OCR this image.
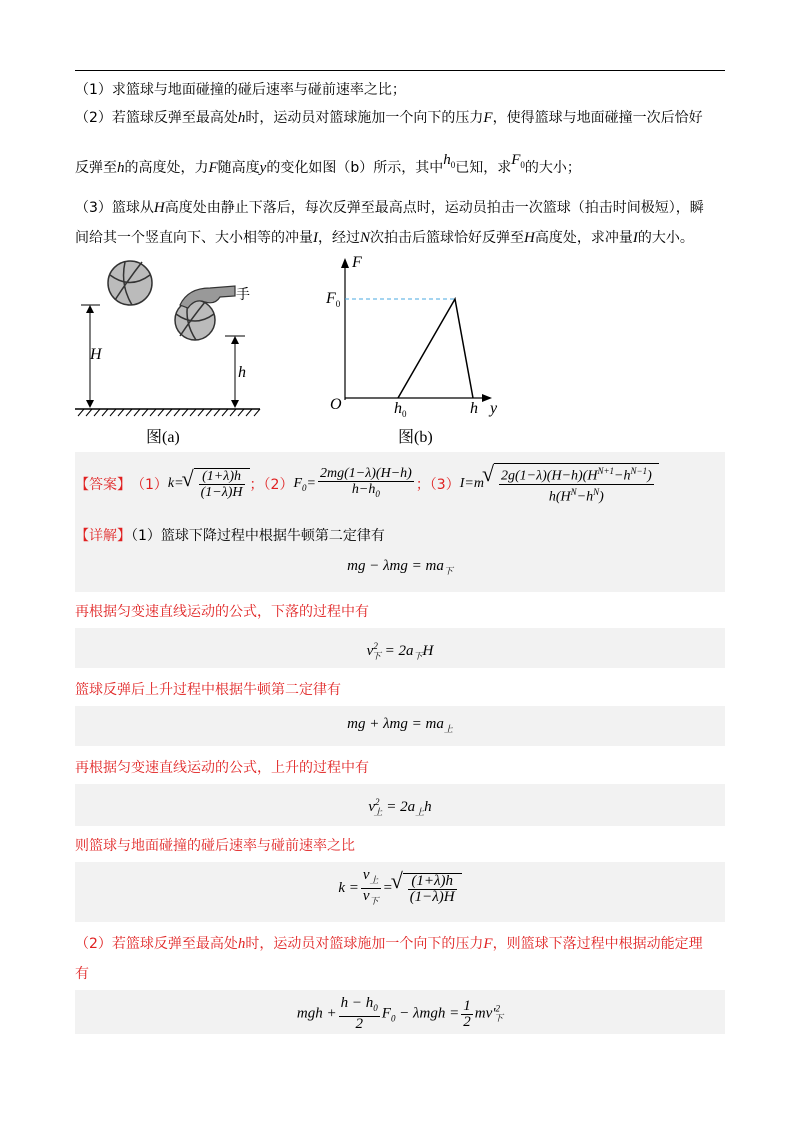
（1）求篮球与地面碰撞的碰后速率与碰前速率之比；
（2）若篮球反弹至最高处h时，运动员对篮球施加一个向下的压力F，使得篮球与地面碰撞一次后恰好
反弹至h的高度处，力F随高度y的变化如图（b）所示，其中$h_0$已知，求$F_0$的大小；
（3）篮球从H高度处由静止下落后，每次反弹至最高点时，运动员拍击一次篮球（拍击时间极短），瞬
间给其一个竖直向下、大小相等的冲量I，经过N次拍击后篮球恰好反弹至H高度处，求冲量I的大小。
H
h
手
图(a)
F
$F_0$
O	$h_0$	h y
图(b)
【答案】 （1） k= √ $\frac{(1+\lambda)h}{(1-\lambda)H}$ ；（2） $F_0= \frac{2mg(1-\lambda)(H-h)}{h-h_0}$ ；（3） I=m √ $\frac{2g(1-\lambda)(H-h)(H^{N+1}-h^{N-1})}{h(H^N-h^N)}$
【详解】（1）篮球下降过程中根据牛顿第二定律有
mg − $\lambda mg = ma_下$
再根据匀变速直线运动的公式，下落的过程中有
$v^2_下 = 2a_下H$
篮球反弹后上升过程中根据牛顿第二定律有
mg + $\lambda mg = ma_上$
再根据匀变速直线运动的公式，上升的过程中有
$v^2_上 = 2a_上h$
则篮球与地面碰撞的碰后速率与碰前速率之比
$k = \frac{v_上}{v_下}$ = √ $\frac{(1+\lambda)h}{(1-\lambda)H}$
（2）若篮球反弹至最高处h时，运动员对篮球施加一个向下的压力F，则篮球下落过程中根据动能定理
有
mgh + $\frac{h - h_0}{2} F_0 - \lambda mgh = \frac{1}{2} mv'^2_下$
